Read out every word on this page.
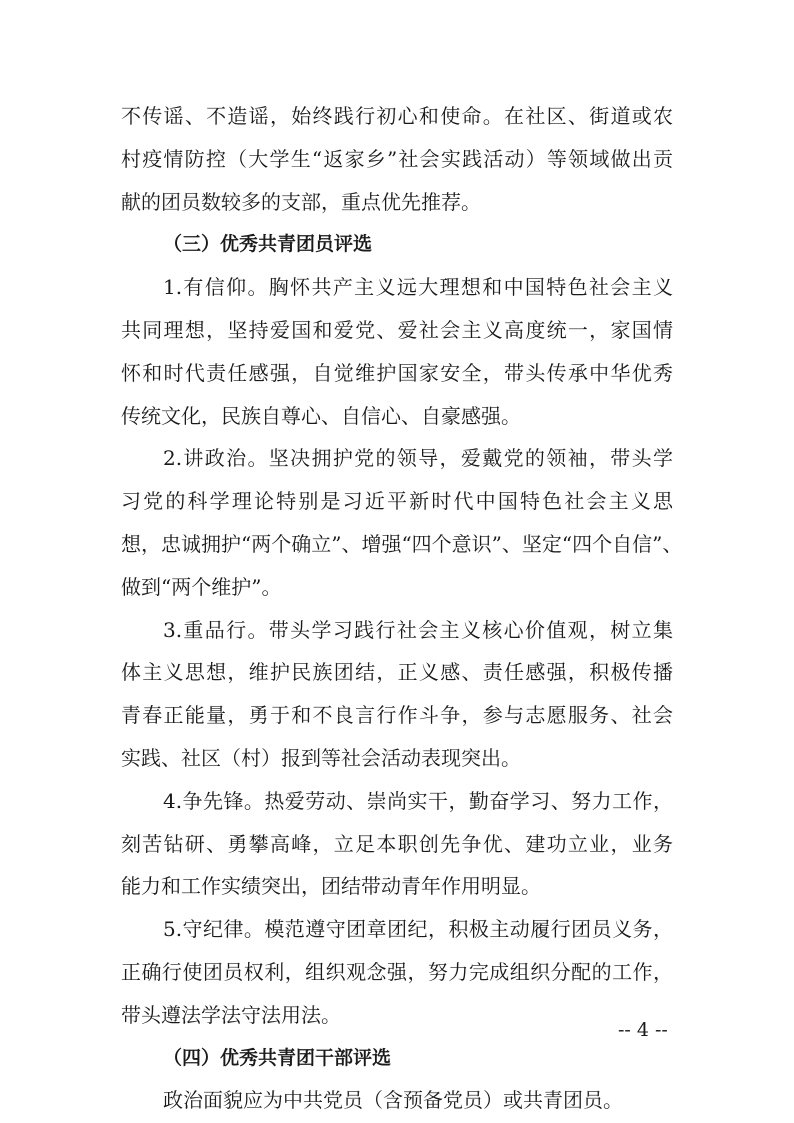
不传谣、不造谣，始终践行初心和使命。在社区、街道或农
村疫情防控（大学生“返家乡”社会实践活动）等领域做出贡
献的团员数较多的支部，重点优先推荐。
（三）优秀共青团员评选
1.有信仰。胸怀共产主义远大理想和中国特色社会主义
共同理想，坚持爱国和爱党、爱社会主义高度统一，家国情
怀和时代责任感强，自觉维护国家安全，带头传承中华优秀
传统文化，民族自尊心、自信心、自豪感强。
2.讲政治。坚决拥护党的领导，爱戴党的领袖，带头学
习党的科学理论特别是习近平新时代中国特色社会主义思
想，忠诚拥护“两个确立”、增强“四个意识”、坚定“四个自信”、
做到“两个维护”。
3.重品行。带头学习践行社会主义核心价值观，树立集
体主义思想，维护民族团结，正义感、责任感强，积极传播
青春正能量，勇于和不良言行作斗争，参与志愿服务、社会
实践、社区（村）报到等社会活动表现突出。
4.争先锋。热爱劳动、崇尚实干，勤奋学习、努力工作，
刻苦钻研、勇攀高峰，立足本职创先争优、建功立业，业务
能力和工作实绩突出，团结带动青年作用明显。
5.守纪律。模范遵守团章团纪，积极主动履行团员义务，
正确行使团员权利，组织观念强，努力完成组织分配的工作，
带头遵法学法守法用法。
（四）优秀共青团干部评选
政治面貌应为中共党员（含预备党员）或共青团员。
-- 4 --
